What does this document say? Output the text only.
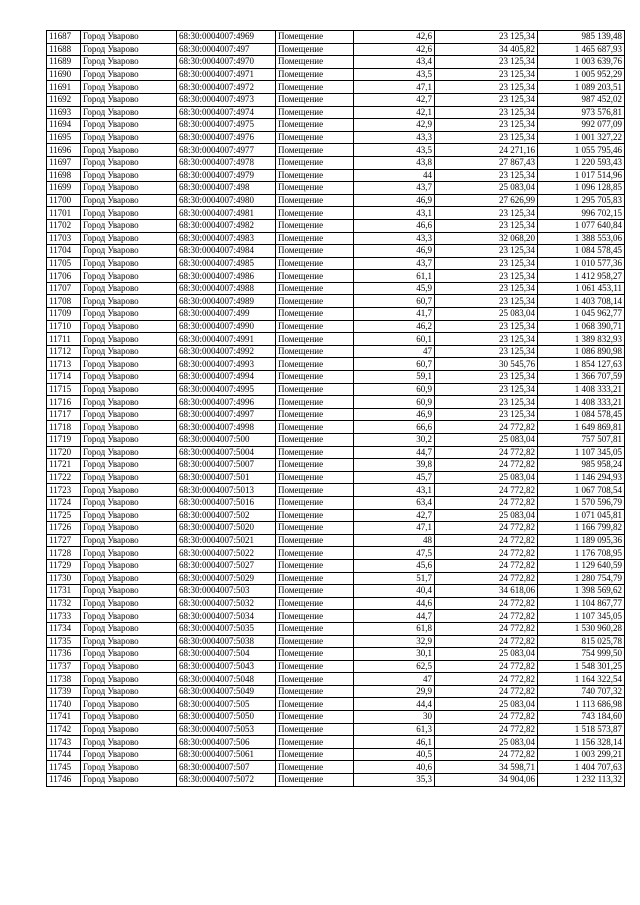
11687	Город Уварово	68:30:0004007:4969	Помещение	42,6	23 125,34	985 139,48
11688	Город Уварово	68:30:0004007:497	Помещение	42,6	34 405,82	1 465 687,93
11689	Город Уварово	68:30:0004007:4970	Помещение	43,4	23 125,34	1 003 639,76
11690	Город Уварово	68:30:0004007:4971	Помещение	43,5	23 125,34	1 005 952,29
11691	Город Уварово	68:30:0004007:4972	Помещение	47,1	23 125,34	1 089 203,51
11692	Город Уварово	68:30:0004007:4973	Помещение	42,7	23 125,34	987 452,02
11693	Город Уварово	68:30:0004007:4974	Помещение	42,1	23 125,34	973 576,81
11694	Город Уварово	68:30:0004007:4975	Помещение	42,9	23 125,34	992 077,09
11695	Город Уварово	68:30:0004007:4976	Помещение	43,3	23 125,34	1 001 327,22
11696	Город Уварово	68:30:0004007:4977	Помещение	43,5	24 271,16	1 055 795,46
11697	Город Уварово	68:30:0004007:4978	Помещение	43,8	27 867,43	1 220 593,43
11698	Город Уварово	68:30:0004007:4979	Помещение	44	23 125,34	1 017 514,96
11699	Город Уварово	68:30:0004007:498	Помещение	43,7	25 083,04	1 096 128,85
11700	Город Уварово	68:30:0004007:4980	Помещение	46,9	27 626,99	1 295 705,83
11701	Город Уварово	68:30:0004007:4981	Помещение	43,1	23 125,34	996 702,15
11702	Город Уварово	68:30:0004007:4982	Помещение	46,6	23 125,34	1 077 640,84
11703	Город Уварово	68:30:0004007:4983	Помещение	43,3	32 068,20	1 388 553,06
11704	Город Уварово	68:30:0004007:4984	Помещение	46,9	23 125,34	1 084 578,45
11705	Город Уварово	68:30:0004007:4985	Помещение	43,7	23 125,34	1 010 577,36
11706	Город Уварово	68:30:0004007:4986	Помещение	61,1	23 125,34	1 412 958,27
11707	Город Уварово	68:30:0004007:4988	Помещение	45,9	23 125,34	1 061 453,11
11708	Город Уварово	68:30:0004007:4989	Помещение	60,7	23 125,34	1 403 708,14
11709	Город Уварово	68:30:0004007:499	Помещение	41,7	25 083,04	1 045 962,77
11710	Город Уварово	68:30:0004007:4990	Помещение	46,2	23 125,34	1 068 390,71
11711	Город Уварово	68:30:0004007:4991	Помещение	60,1	23 125,34	1 389 832,93
11712	Город Уварово	68:30:0004007:4992	Помещение	47	23 125,34	1 086 890,98
11713	Город Уварово	68:30:0004007:4993	Помещение	60,7	30 545,76	1 854 127,63
11714	Город Уварово	68:30:0004007:4994	Помещение	59,1	23 125,34	1 366 707,59
11715	Город Уварово	68:30:0004007:4995	Помещение	60,9	23 125,34	1 408 333,21
11716	Город Уварово	68:30:0004007:4996	Помещение	60,9	23 125,34	1 408 333,21
11717	Город Уварово	68:30:0004007:4997	Помещение	46,9	23 125,34	1 084 578,45
11718	Город Уварово	68:30:0004007:4998	Помещение	66,6	24 772,82	1 649 869,81
11719	Город Уварово	68:30:0004007:500	Помещение	30,2	25 083,04	757 507,81
11720	Город Уварово	68:30:0004007:5004	Помещение	44,7	24 772,82	1 107 345,05
11721	Город Уварово	68:30:0004007:5007	Помещение	39,8	24 772,82	985 958,24
11722	Город Уварово	68:30:0004007:501	Помещение	45,7	25 083,04	1 146 294,93
11723	Город Уварово	68:30:0004007:5013	Помещение	43,1	24 772,82	1 067 708,54
11724	Город Уварово	68:30:0004007:5016	Помещение	63,4	24 772,82	1 570 596,79
11725	Город Уварово	68:30:0004007:502	Помещение	42,7	25 083,04	1 071 045,81
11726	Город Уварово	68:30:0004007:5020	Помещение	47,1	24 772,82	1 166 799,82
11727	Город Уварово	68:30:0004007:5021	Помещение	48	24 772,82	1 189 095,36
11728	Город Уварово	68:30:0004007:5022	Помещение	47,5	24 772,82	1 176 708,95
11729	Город Уварово	68:30:0004007:5027	Помещение	45,6	24 772,82	1 129 640,59
11730	Город Уварово	68:30:0004007:5029	Помещение	51,7	24 772,82	1 280 754,79
11731	Город Уварово	68:30:0004007:503	Помещение	40,4	34 618,06	1 398 569,62
11732	Город Уварово	68:30:0004007:5032	Помещение	44,6	24 772,82	1 104 867,77
11733	Город Уварово	68:30:0004007:5034	Помещение	44,7	24 772,82	1 107 345,05
11734	Город Уварово	68:30:0004007:5035	Помещение	61,8	24 772,82	1 530 960,28
11735	Город Уварово	68:30:0004007:5038	Помещение	32,9	24 772,82	815 025,78
11736	Город Уварово	68:30:0004007:504	Помещение	30,1	25 083,04	754 999,50
11737	Город Уварово	68:30:0004007:5043	Помещение	62,5	24 772,82	1 548 301,25
11738	Город Уварово	68:30:0004007:5048	Помещение	47	24 772,82	1 164 322,54
11739	Город Уварово	68:30:0004007:5049	Помещение	29,9	24 772,82	740 707,32
11740	Город Уварово	68:30:0004007:505	Помещение	44,4	25 083,04	1 113 686,98
11741	Город Уварово	68:30:0004007:5050	Помещение	30	24 772,82	743 184,60
11742	Город Уварово	68:30:0004007:5053	Помещение	61,3	24 772,82	1 518 573,87
11743	Город Уварово	68:30:0004007:506	Помещение	46,1	25 083,04	1 156 328,14
11744	Город Уварово	68:30:0004007:5061	Помещение	40,5	24 772,82	1 003 299,21
11745	Город Уварово	68:30:0004007:507	Помещение	40,6	34 598,71	1 404 707,63
11746	Город Уварово	68:30:0004007:5072	Помещение	35,3	34 904,06	1 232 113,32
